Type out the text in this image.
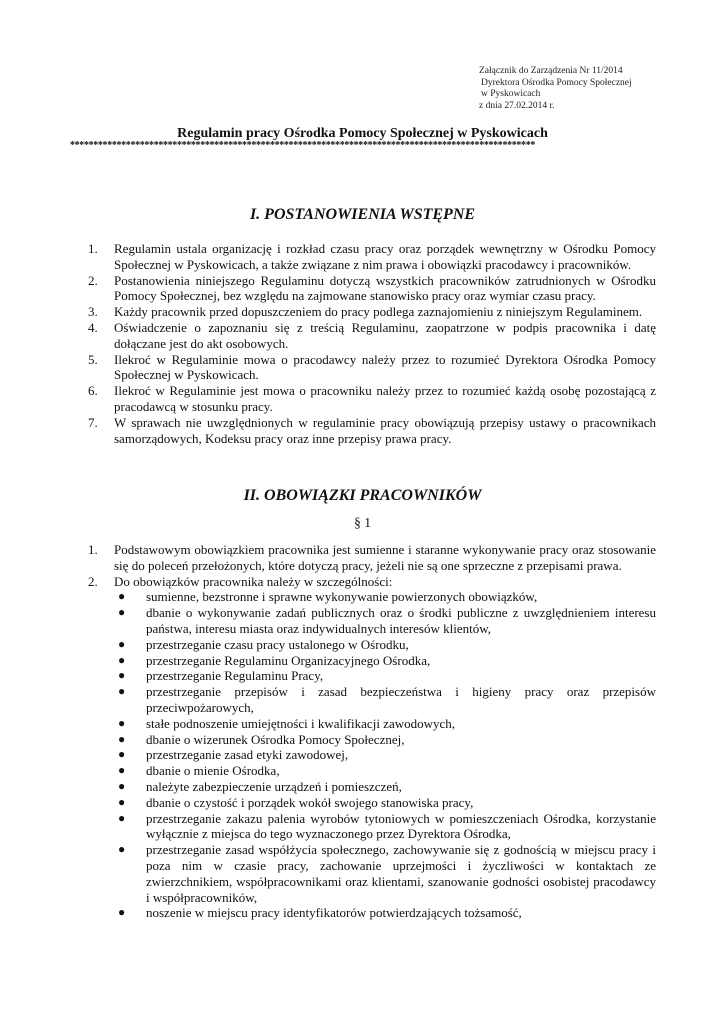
Załącznik do Zarządzenia Nr 11/2014
Dyrektora Ośrodka Pomocy Społecznej
w Pyskowicach
z dnia 27.02.2014 r.
Regulamin pracy Ośrodka Pomocy Społecznej w Pyskowicach
****************************************************************************************************
I. POSTANOWIENIA WSTĘPNE
1. Regulamin ustala organizację i rozkład czasu pracy oraz porządek wewnętrzny w Ośrodku Pomocy Społecznej w Pyskowicach, a także związane z nim prawa i obowiązki pracodawcy i pracowników.
2. Postanowienia niniejszego Regulaminu dotyczą wszystkich pracowników zatrudnionych w Ośrodku Pomocy Społecznej, bez względu na zajmowane stanowisko pracy oraz wymiar czasu pracy.
3. Każdy pracownik przed dopuszczeniem do pracy podlega zaznajomieniu z niniejszym Regulaminem.
4. Oświadczenie o zapoznaniu się z treścią Regulaminu, zaopatrzone w podpis pracownika i datę dołączane jest do akt osobowych.
5. Ilekroć w Regulaminie mowa o pracodawcy należy przez to rozumieć Dyrektora Ośrodka Pomocy Społecznej w Pyskowicach.
6. Ilekroć w Regulaminie jest mowa o pracowniku należy przez to rozumieć każdą osobę pozostającą z pracodawcą w stosunku pracy.
7. W sprawach nie uwzględnionych w regulaminie pracy obowiązują przepisy ustawy o pracownikach samorządowych, Kodeksu pracy oraz inne przepisy prawa pracy.
II. OBOWIĄZKI PRACOWNIKÓW
§ 1
1. Podstawowym obowiązkiem pracownika jest sumienne i staranne wykonywanie pracy oraz stosowanie się do poleceń przełożonych, które dotyczą pracy, jeżeli nie są one sprzeczne z przepisami prawa.
2. Do obowiązków pracownika należy w szczególności:
● sumienne, bezstronne i sprawne wykonywanie powierzonych obowiązków,
● dbanie o wykonywanie zadań publicznych oraz o środki publiczne z uwzględnieniem interesu państwa, interesu miasta oraz indywidualnych interesów klientów,
● przestrzeganie czasu pracy ustalonego w Ośrodku,
● przestrzeganie Regulaminu Organizacyjnego Ośrodka,
● przestrzeganie Regulaminu Pracy,
● przestrzeganie przepisów i zasad bezpieczeństwa i higieny pracy oraz przepisów przeciwpożarowych,
● stałe podnoszenie umiejętności i kwalifikacji zawodowych,
● dbanie o wizerunek Ośrodka Pomocy Społecznej,
● przestrzeganie zasad etyki zawodowej,
● dbanie o mienie Ośrodka,
● należyte zabezpieczenie urządzeń i pomieszczeń,
● dbanie o czystość i porządek wokół swojego stanowiska pracy,
● przestrzeganie zakazu palenia wyrobów tytoniowych w pomieszczeniach Ośrodka, korzystanie wyłącznie z miejsca do tego wyznaczonego przez Dyrektora Ośrodka,
● przestrzeganie zasad współżycia społecznego, zachowywanie się z godnością w miejscu pracy i poza nim w czasie pracy, zachowanie uprzejmości i życzliwości w kontaktach ze zwierzchnikiem, współpracownikami oraz klientami, szanowanie godności osobistej pracodawcy i współpracowników,
● noszenie w miejscu pracy identyfikatorów potwierdzających tożsamość,
